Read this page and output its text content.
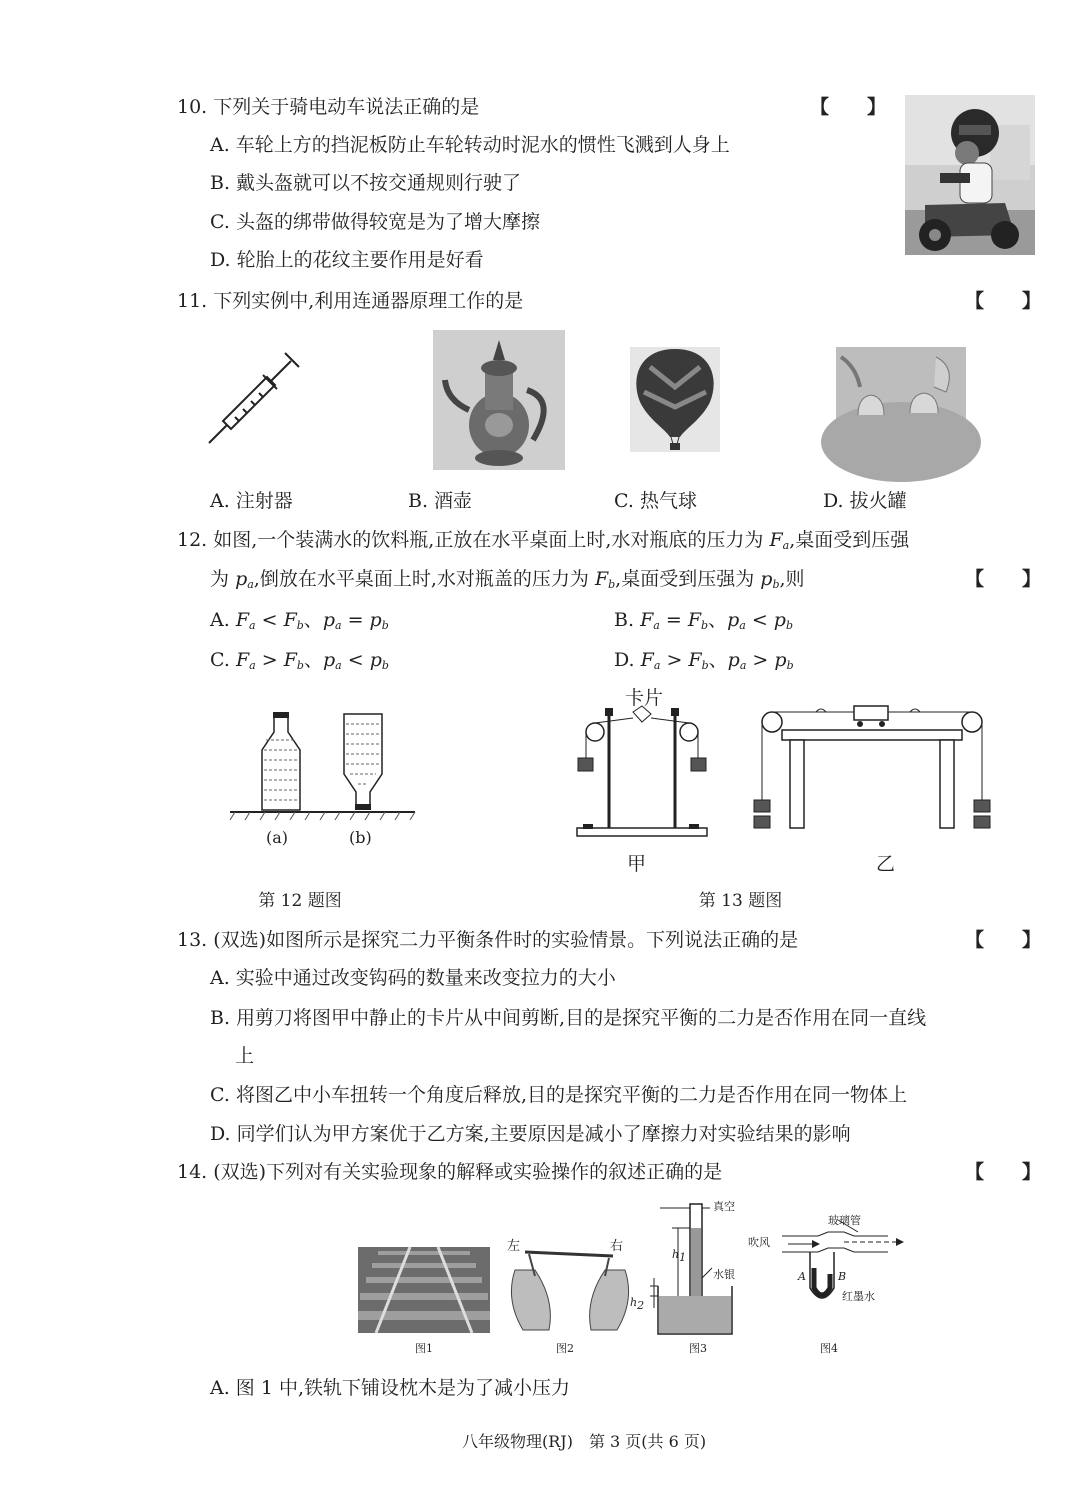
10. 下列关于骑电动车说法正确的是	【　　】
A. 车轮上方的挡泥板防止车轮转动时泥水的惯性飞溅到人身上
B. 戴头盔就可以不按交通规则行驶了
C. 头盔的绑带做得较宽是为了增大摩擦
D. 轮胎上的花纹主要作用是好看
11. 下列实例中,利用连通器原理工作的是	【　　】
A. 注射器	B. 酒壶	C. 热气球	D. 拔火罐
12. 如图,一个装满水的饮料瓶,正放在水平桌面上时,水对瓶底的压力为 $F_a$,桌面受到压强
为 $p_a$,倒放在水平桌面上时,水对瓶盖的压力为 $F_b$,桌面受到压强为 $p_b$,则	【　　】
A. $F_a < F_b$、$p_a = p_b$	B. $F_a = F_b$、$p_a < p_b$
C. $F_a > F_b$、$p_a < p_b$	D. $F_a > F_b$、$p_a > p_b$
(a)	(b)
第 12 题图
卡片
甲	乙
第 13 题图
13. (双选)如图所示是探究二力平衡条件时的实验情景。下列说法正确的是	【　　】
A. 实验中通过改变钩码的数量来改变拉力的大小
B. 用剪刀将图甲中静止的卡片从中间剪断,目的是探究平衡的二力是否作用在同一直线
上
C. 将图乙中小车扭转一个角度后释放,目的是探究平衡的二力是否作用在同一物体上
D. 同学们认为甲方案优于乙方案,主要原因是减小了摩擦力对实验结果的影响
14. (双选)下列对有关实验现象的解释或实验操作的叙述正确的是	【　　】
左	右
真空
$h_1$
水银
$h_2$
玻璃管
吹风
A	B
红墨水
图1	图2	图3	图4
A. 图 1 中,铁轨下铺设枕木是为了减小压力
八年级物理(RJ)　第 3 页(共 6 页)
